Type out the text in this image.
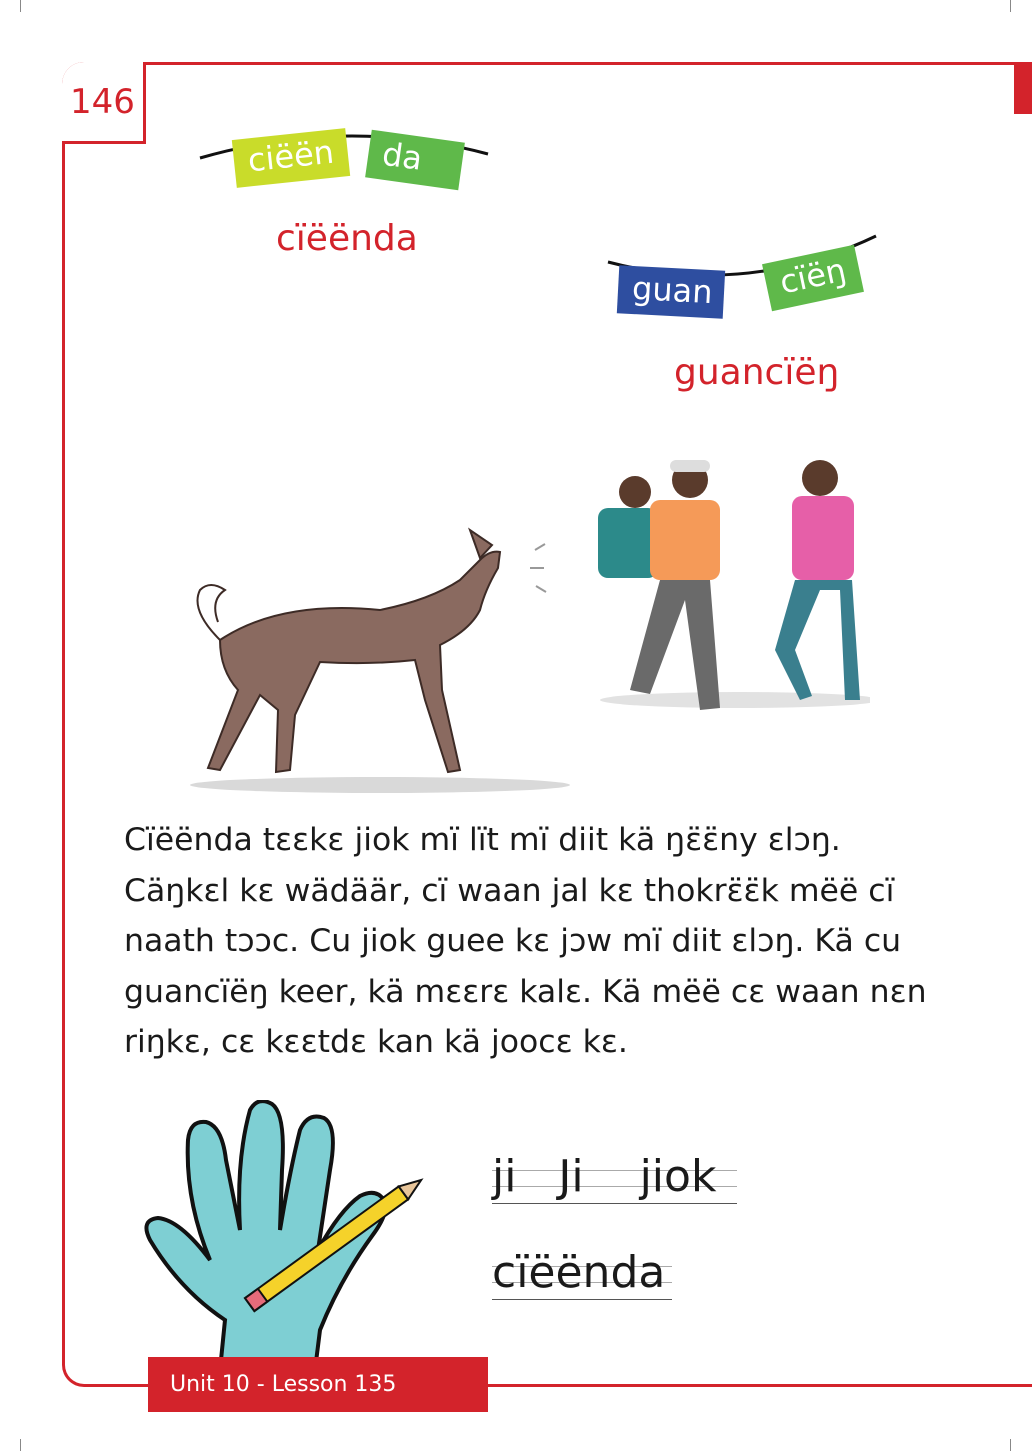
146
ciëën	da
cïëënda
guan	cïëŋ
guancïëŋ

Cïëënda tɛɛkɛ jiok mï lït mï diit kä ŋɛ̈ɛ̈ny ɛlɔŋ.

Cäŋkɛl kɛ wädäär, cï waan jal kɛ thokrɛ̈ɛ̈k mëë cï

naath tɔɔc. Cu jiok guee kɛ jɔw mï diit ɛlɔŋ. Kä cu

guancïëŋ keer, kä mɛɛrɛ kalɛ. Kä mëë cɛ waan nɛn

riŋkɛ, cɛ kɛɛtdɛ kan kä joocɛ kɛ.

ji Ji jiok
cïëënda
Unit 10 - Lesson 135
